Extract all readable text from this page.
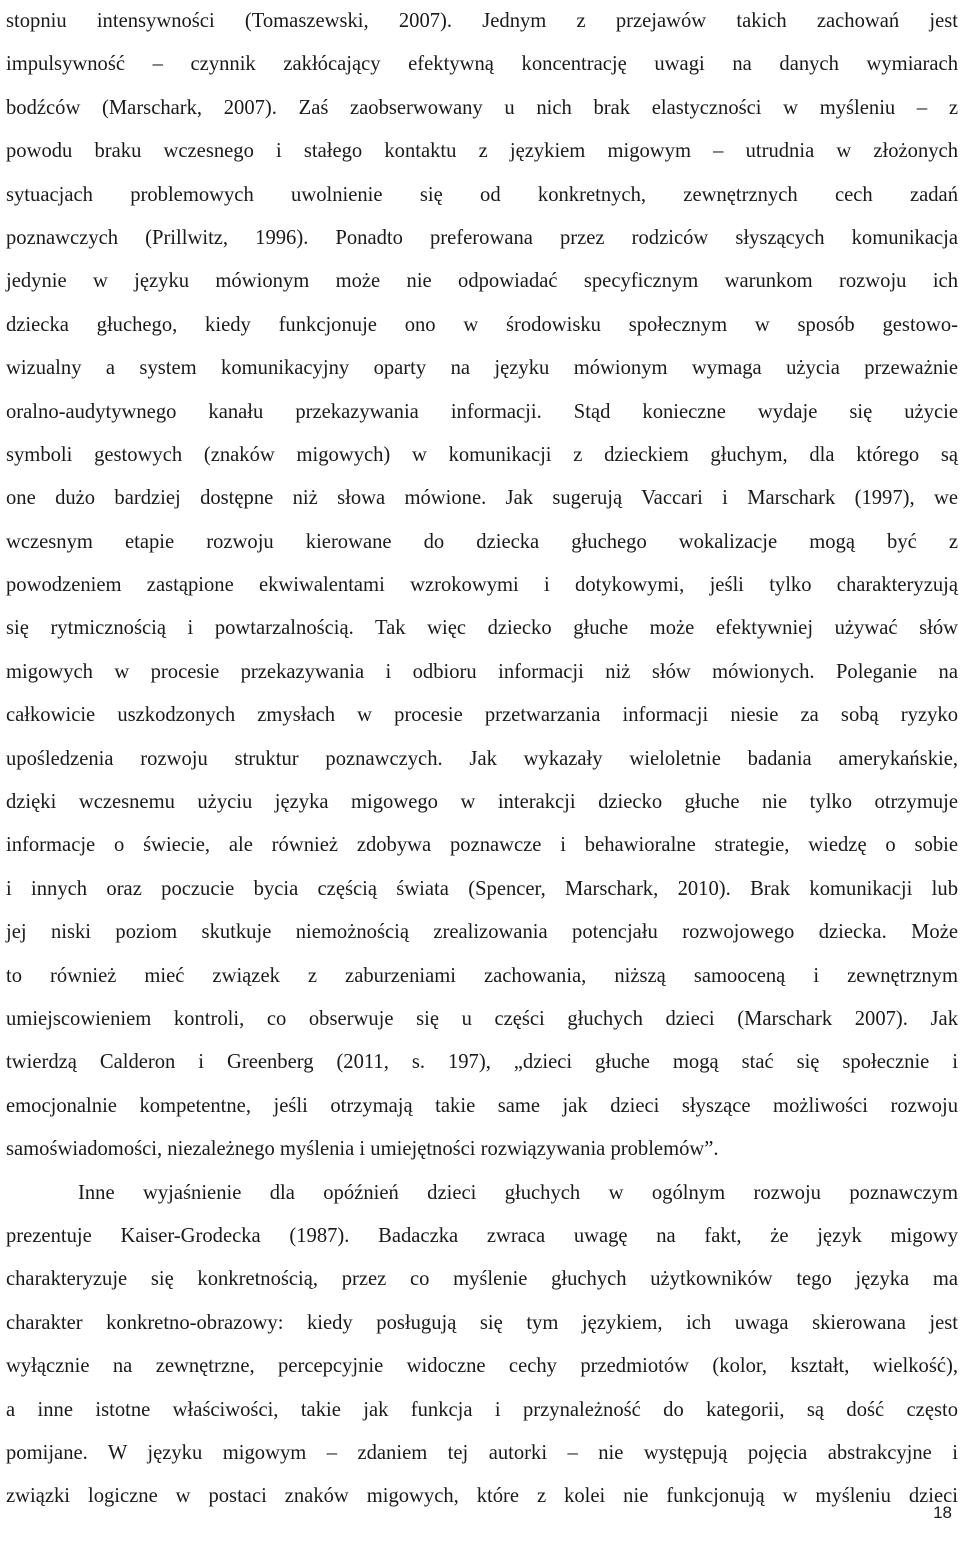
stopniu intensywności (Tomaszewski, 2007). Jednym z przejawów takich zachowań jest
impulsywność – czynnik zakłócający efektywną koncentrację uwagi na danych wymiarach
bodźców (Marschark, 2007). Zaś zaobserwowany u nich brak elastyczności w myśleniu – z
powodu braku wczesnego i stałego kontaktu z językiem migowym – utrudnia w złożonych
sytuacjach problemowych uwolnienie się od konkretnych, zewnętrznych cech zadań
poznawczych (Prillwitz, 1996). Ponadto preferowana przez rodziców słyszących komunikacja
jedynie w języku mówionym może nie odpowiadać specyficznym warunkom rozwoju ich
dziecka głuchego, kiedy funkcjonuje ono w środowisku społecznym w sposób gestowo-
wizualny a system komunikacyjny oparty na języku mówionym wymaga użycia przeważnie
oralno-audytywnego kanału przekazywania informacji. Stąd konieczne wydaje się użycie
symboli gestowych (znaków migowych) w komunikacji z dzieckiem głuchym, dla którego są
one dużo bardziej dostępne niż słowa mówione. Jak sugerują Vaccari i Marschark (1997), we
wczesnym etapie rozwoju kierowane do dziecka głuchego wokalizacje mogą być z
powodzeniem zastąpione ekwiwalentami wzrokowymi i dotykowymi, jeśli tylko charakteryzują
się rytmicznością i powtarzalnością. Tak więc dziecko głuche może efektywniej używać słów
migowych w procesie przekazywania i odbioru informacji niż słów mówionych. Poleganie na
całkowicie uszkodzonych zmysłach w procesie przetwarzania informacji niesie za sobą ryzyko
upośledzenia rozwoju struktur poznawczych. Jak wykazały wieloletnie badania amerykańskie,
dzięki wczesnemu użyciu języka migowego w interakcji dziecko głuche nie tylko otrzymuje
informacje o świecie, ale również zdobywa poznawcze i behawioralne strategie, wiedzę o sobie
i innych oraz poczucie bycia częścią świata (Spencer, Marschark, 2010). Brak komunikacji lub
jej niski poziom skutkuje niemożnością zrealizowania potencjału rozwojowego dziecka. Może
to również mieć związek z zaburzeniami zachowania, niższą samooceną i zewnętrznym
umiejscowieniem kontroli, co obserwuje się u części głuchych dzieci (Marschark 2007). Jak
twierdzą Calderon i Greenberg (2011, s. 197), „dzieci głuche mogą stać się społecznie i
emocjonalnie kompetentne, jeśli otrzymają takie same jak dzieci słyszące możliwości rozwoju
samoświadomości, niezależnego myślenia i umiejętności rozwiązywania problemów”.
Inne wyjaśnienie dla opóźnień dzieci głuchych w ogólnym rozwoju poznawczym
prezentuje Kaiser-Grodecka (1987). Badaczka zwraca uwagę na fakt, że język migowy
charakteryzuje się konkretnością, przez co myślenie głuchych użytkowników tego języka ma
charakter konkretno-obrazowy: kiedy posługują się tym językiem, ich uwaga skierowana jest
wyłącznie na zewnętrzne, percepcyjnie widoczne cechy przedmiotów (kolor, kształt, wielkość),
a inne istotne właściwości, takie jak funkcja i przynależność do kategorii, są dość często
pomijane. W języku migowym – zdaniem tej autorki – nie występują pojęcia abstrakcyjne i
związki logiczne w postaci znaków migowych, które z kolei nie funkcjonują w myśleniu dzieci
18
